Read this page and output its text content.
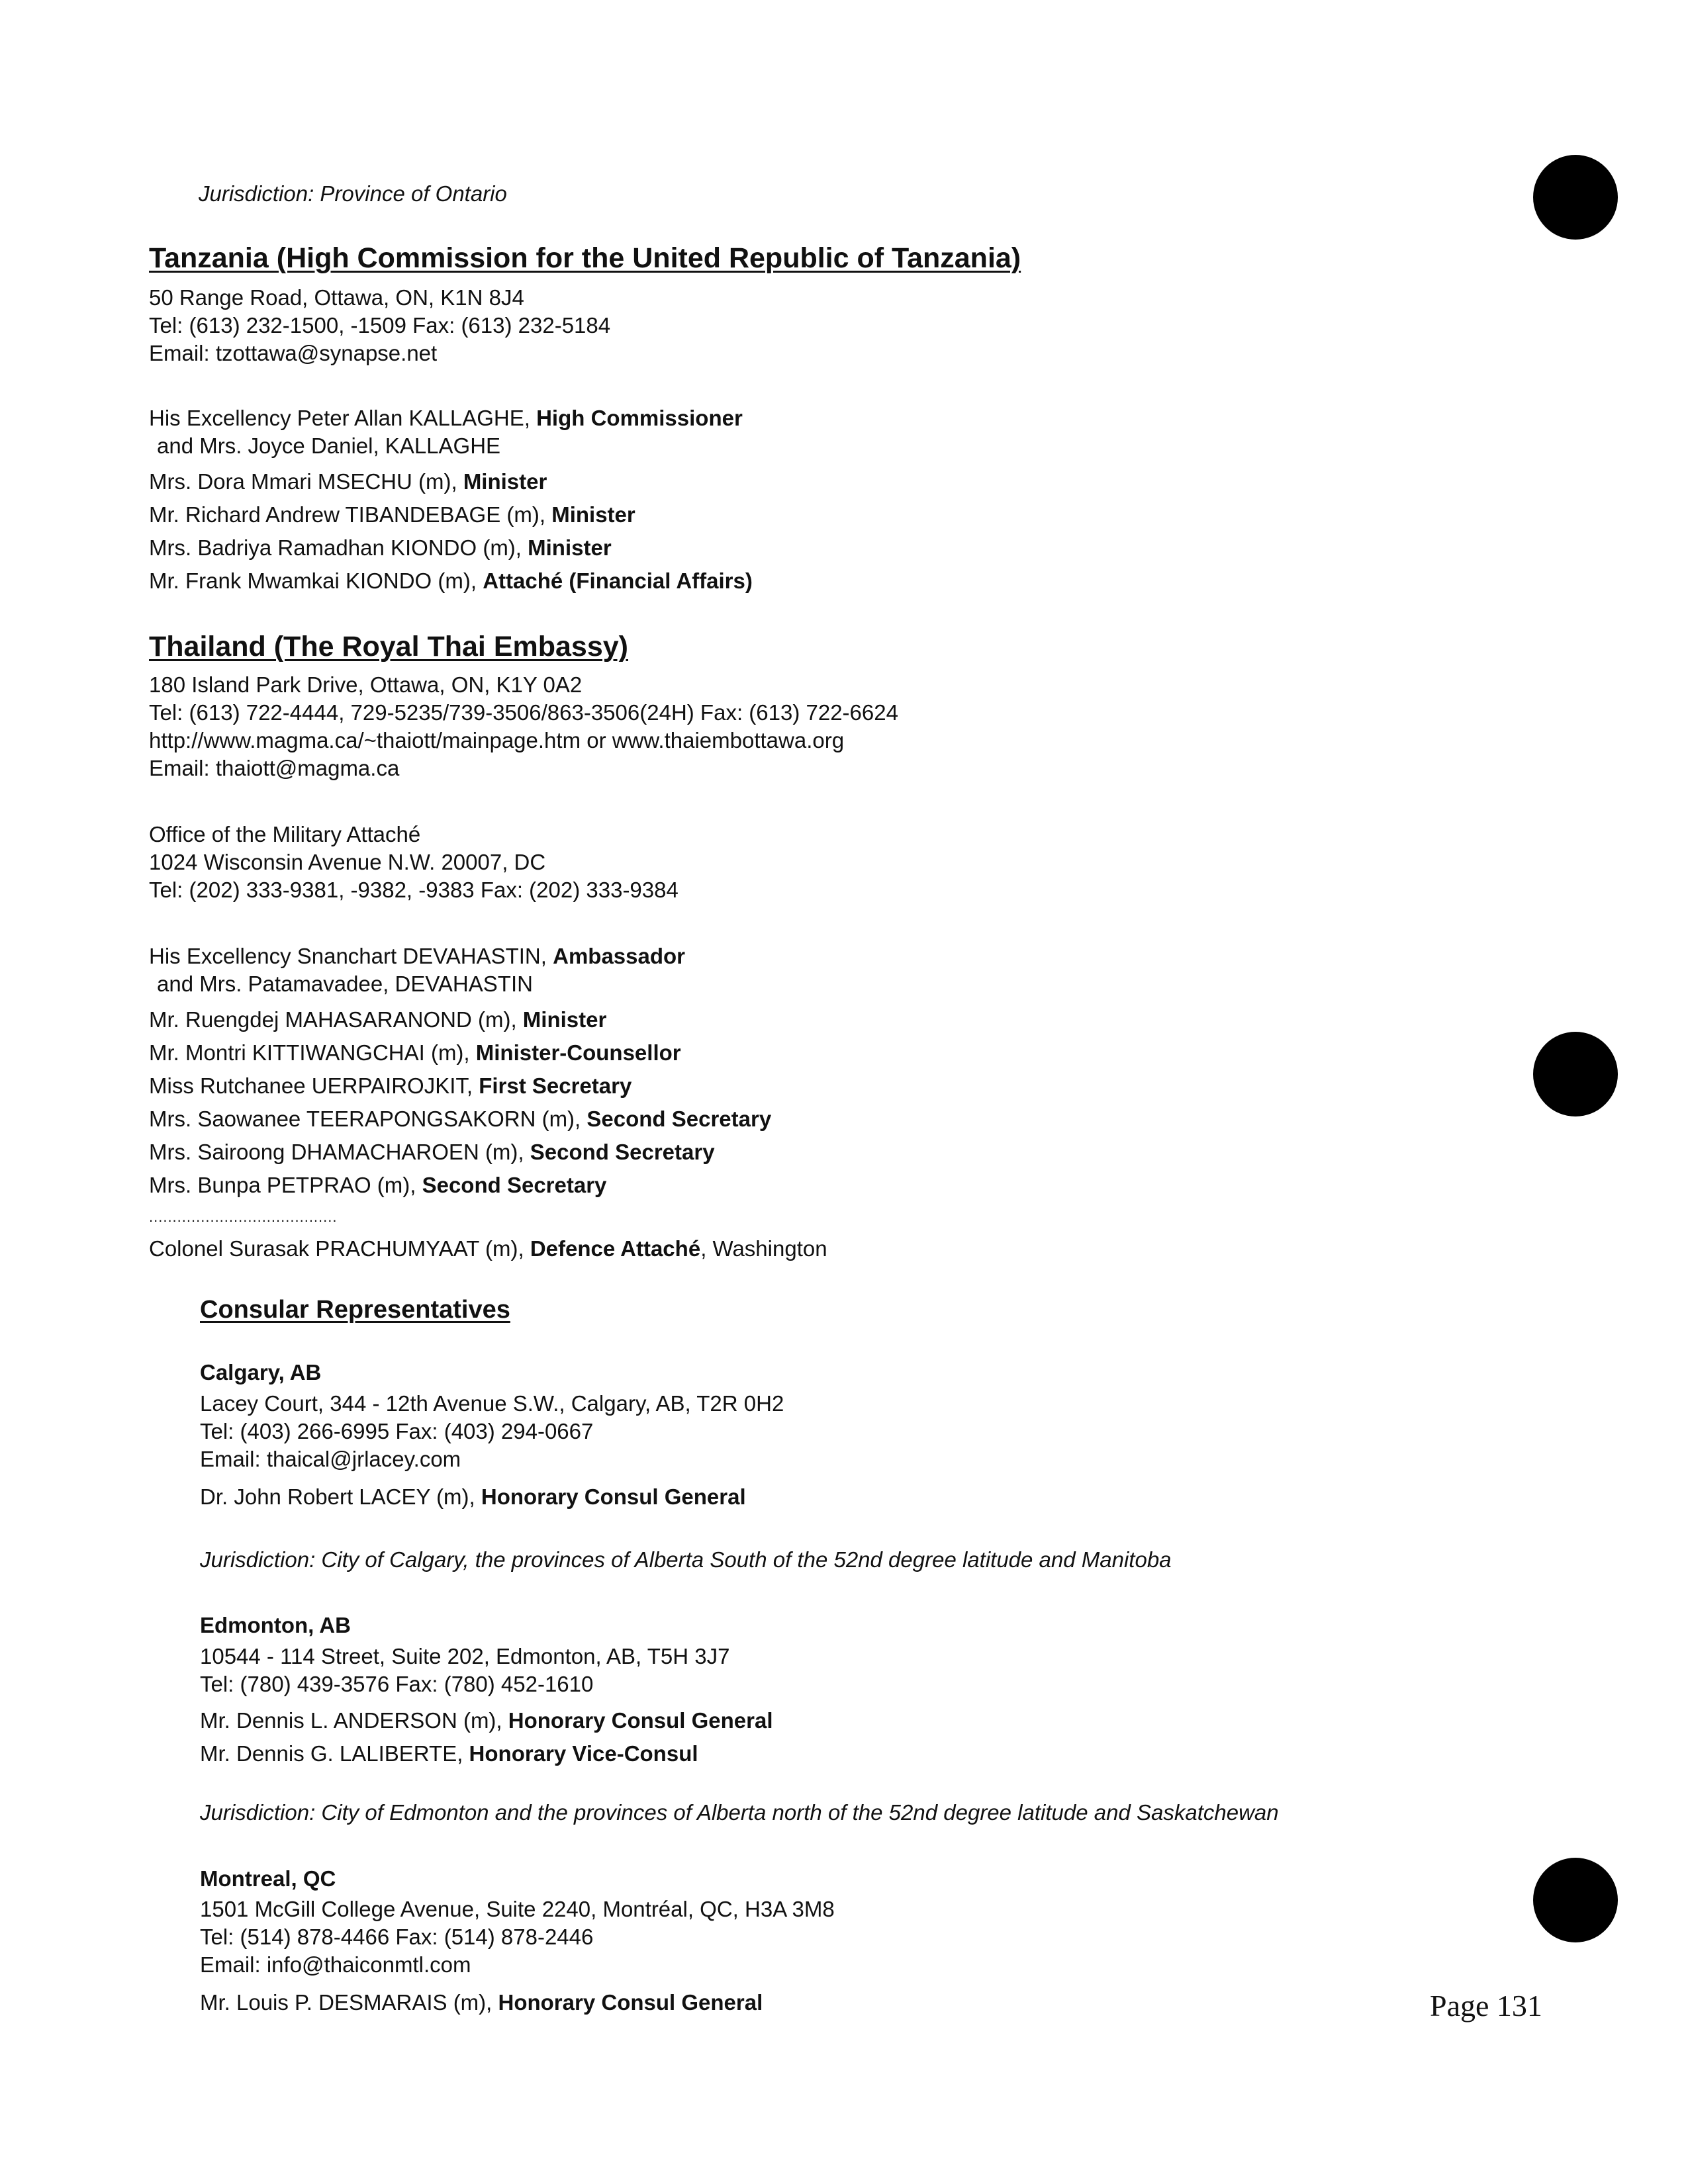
Jurisdiction: Province of Ontario
Tanzania (High Commission for the United Republic of Tanzania)
50 Range Road, Ottawa, ON, K1N 8J4
Tel: (613) 232-1500, -1509 Fax: (613) 232-5184
Email: tzottawa@synapse.net
His Excellency Peter Allan KALLAGHE, High Commissioner
and Mrs. Joyce Daniel, KALLAGHE
Mrs. Dora Mmari MSECHU (m), Minister
Mr. Richard Andrew TIBANDEBAGE (m), Minister
Mrs. Badriya Ramadhan KIONDO (m), Minister
Mr. Frank Mwamkai KIONDO (m), Attaché (Financial Affairs)
Thailand (The Royal Thai Embassy)
180 Island Park Drive, Ottawa, ON, K1Y 0A2
Tel: (613) 722-4444, 729-5235/739-3506/863-3506(24H) Fax: (613) 722-6624
http://www.magma.ca/~thaiott/mainpage.htm or www.thaiembottawa.org
Email: thaiott@magma.ca
Office of the Military Attaché
1024 Wisconsin Avenue N.W. 20007, DC
Tel: (202) 333-9381, -9382, -9383 Fax: (202) 333-9384
His Excellency Snanchart DEVAHASTIN, Ambassador
and Mrs. Patamavadee, DEVAHASTIN
Mr. Ruengdej MAHASARANOND (m), Minister
Mr. Montri KITTIWANGCHAI (m), Minister-Counsellor
Miss Rutchanee UERPAIROJKIT, First Secretary
Mrs. Saowanee TEERAPONGSAKORN (m), Second Secretary
Mrs. Sairoong DHAMACHAROEN (m), Second Secretary
Mrs. Bunpa PETPRAO (m), Second Secretary
........................................
Colonel Surasak PRACHUMYAAT (m), Defence Attaché, Washington
Consular Representatives
Calgary, AB
Lacey Court, 344 - 12th Avenue S.W., Calgary, AB, T2R 0H2
Tel: (403) 266-6995 Fax: (403) 294-0667
Email: thaical@jrlacey.com
Dr. John Robert LACEY (m), Honorary Consul General
Jurisdiction: City of Calgary, the provinces of Alberta South of the 52nd degree latitude and Manitoba
Edmonton, AB
10544 - 114 Street, Suite 202, Edmonton, AB, T5H 3J7
Tel: (780) 439-3576 Fax: (780) 452-1610
Mr. Dennis L. ANDERSON (m), Honorary Consul General
Mr. Dennis G. LALIBERTE, Honorary Vice-Consul
Jurisdiction: City of Edmonton and the provinces of Alberta north of the 52nd degree latitude and Saskatchewan
Montreal, QC
1501 McGill College Avenue, Suite 2240, Montréal, QC, H3A 3M8
Tel: (514) 878-4466 Fax: (514) 878-2446
Email: info@thaiconmtl.com
Mr. Louis P. DESMARAIS (m), Honorary Consul General	Page 131
